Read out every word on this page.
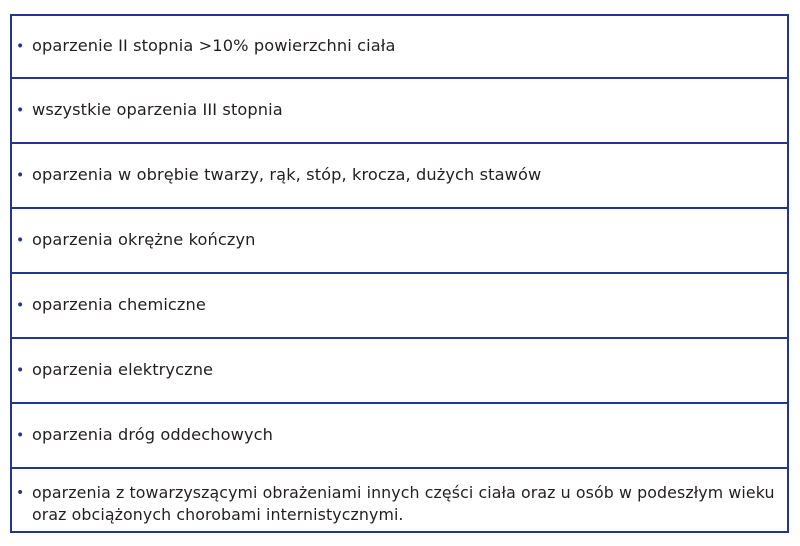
• oparzenie II stopnia >10% powierzchni ciała
• wszystkie oparzenia III stopnia
• oparzenia w obrębie twarzy, rąk, stóp, krocza, dużych stawów
• oparzenia okrężne kończyn
• oparzenia chemiczne
• oparzenia elektryczne
• oparzenia dróg oddechowych
• oparzenia z towarzyszącymi obrażeniami innych części ciała oraz u osób w podeszłym wieku oraz obciążonych chorobami internistycznymi.
